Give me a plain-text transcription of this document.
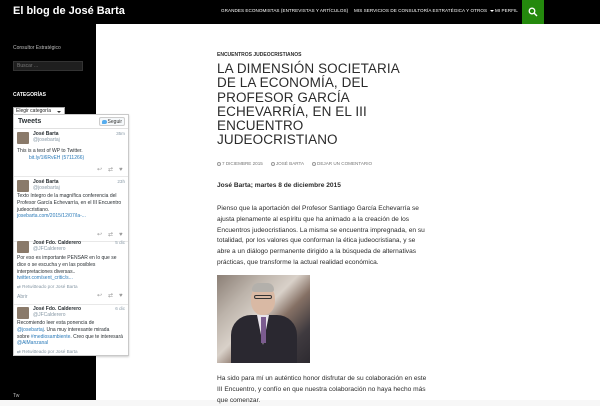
El blog de José Barta	GRANDES ECONOMISTAS (ENTREVISTAS Y ARTÍCULOS) MIS SERVICIOS DE CONSULTORÍA ESTRATÉGICA Y OTROS	MI PERFIL
Consultor Estratégico
Buscar ...
CATEGORÍAS
Elegir categoría
Tw
ENCUENTROS JUDEOCRISTIANOS
LA DIMENSIÓN SOCIETARIA DE LA ECONOMÍA, DEL PROFESOR GARCÍA ECHEVARRÍA, EN EL III ENCUENTRO JUDEOCRISTIANO
7 DICIEMBRE 2015	JOSÉ BARTA	DEJAR UN COMENTARIO
José Barta; martes 8 de diciembre 2015

Pienso que la aportación del Profesor Santiago García Echevarría se ajusta plenamente al espíritu que ha animado a la creación de los Encuentros judeocristianos. La misma se encuentra impregnada, en su totalidad, por los valores que conforman la ética judeocristiana, y se abre a un diálogo permanente dirigido a la búsqueda de alternativas prácticas, que transforme la actual realidad económica.

Ha sido para mí un auténtico honor disfrutar de su colaboración en este III Encuentro, y confío en que nuestra colaboración no haya hecho más que comenzar.

Tweets	Seguir
José Barta
@josebartaj
35m
This is a test of WP to Twitter.
bit.ly/1l6RvEH (5711266)
↩ ⇄ ♥
José Barta
@josebartaj
23h
Texto íntegro de la magnífica conferencia del Profesor García Echevarría, en el III Encuentro judeocristiano.
josebarta.com/2015/12/07/la-...
↩ ⇄ ♥
José Fdo. Calderero
@JFCalderero
5 dic
Por eso es importante PENSAR en lo que se dice o se escucha y en las posibles interpretaciones diversas..
twitter.com/sent_critic/s...
⇄ Retwitteado por José Barta
Abrir	↩ ⇄ ♥
José Fdo. Calderero
@JFCalderero
6 dic
Recomiendo leer esta ponencia de @josebartaj. Una muy interesante mirada sobre #mediosambiente. Creo que te interesará @AlManzanal
⇄ Retwitteado por José Barta
